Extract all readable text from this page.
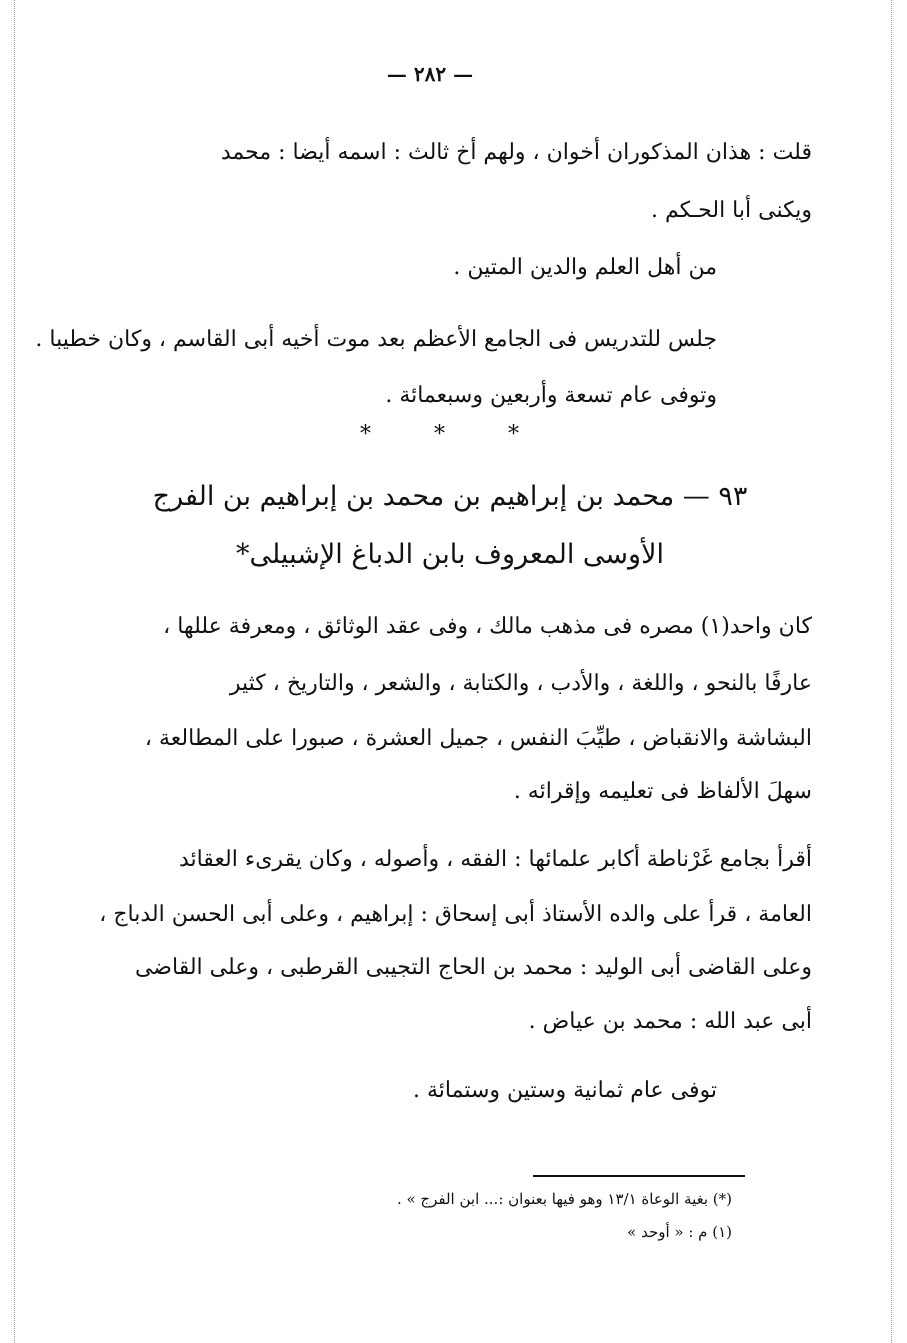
— ٢٨٢ —
قلت : هذان المذكوران أخوان ، ولهم أخ ثالث : اسمه أيضا : محمد
ويكنى أبا الحـكم .
من أهل العلم والدين المتين .
جلس للتدريس فى الجامع الأعظم بعد موت أخيه أبى القاسم ، وكان خطيبا .
وتوفى عام تسعة وأربعين وسبعمائة .
* * *
٩٣ — محمد بن إبراهيم بن محمد بن إبراهيم بن الفرج
الأوسى المعروف بابن الدباغ الإشبيلى*
كان واحد(١) مصره فى مذهب مالك ، وفى عقد الوثائق ، ومعرفة عللها ،
عارفًا بالنحو ، واللغة ، والأدب ، والكتابة ، والشعر ، والتاريخ ، كثير
البشاشة والانقباض ، طيِّبَ النفس ، جميل العشرة ، صبورا على المطالعة ،
سهلَ الألفاظ فى تعليمه وإقرائه .
أقرأ بجامع غَرْناطة أكابر علمائها : الفقه ، وأصوله ، وكان يقرىء العقائد
العامة ، قرأ على والده الأستاذ أبى إسحاق : إبراهيم ، وعلى أبى الحسن الدباج ،
وعلى القاضى أبى الوليد : محمد بن الحاج التجيبى القرطبى ، وعلى القاضى
أبى عبد الله : محمد بن عياض .
توفى عام ثمانية وستين وستمائة .
(*) بغية الوعاة ١٣/١ وهو فيها بعنوان :... ابن الفرج » .
(١) م : « أوحد »
